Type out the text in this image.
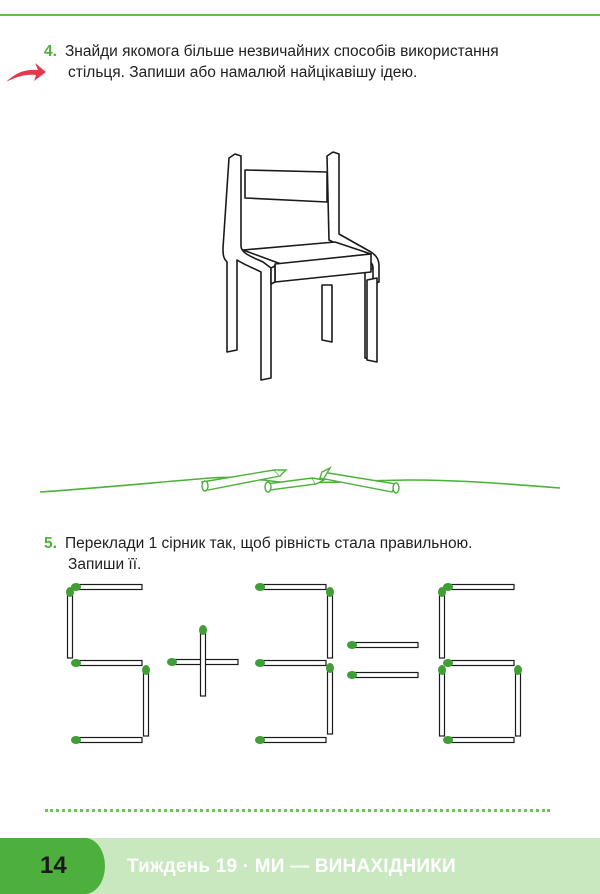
4. Знайди якомога більше незвичайних способів використання
стільця. Запиши або намалюй найцікавішу ідею.
5. Переклади 1 сірник так, щоб рівність стала правильною.
Запиши її.
14	Тиждень 19 · МИ — ВИНАХІДНИКИ
